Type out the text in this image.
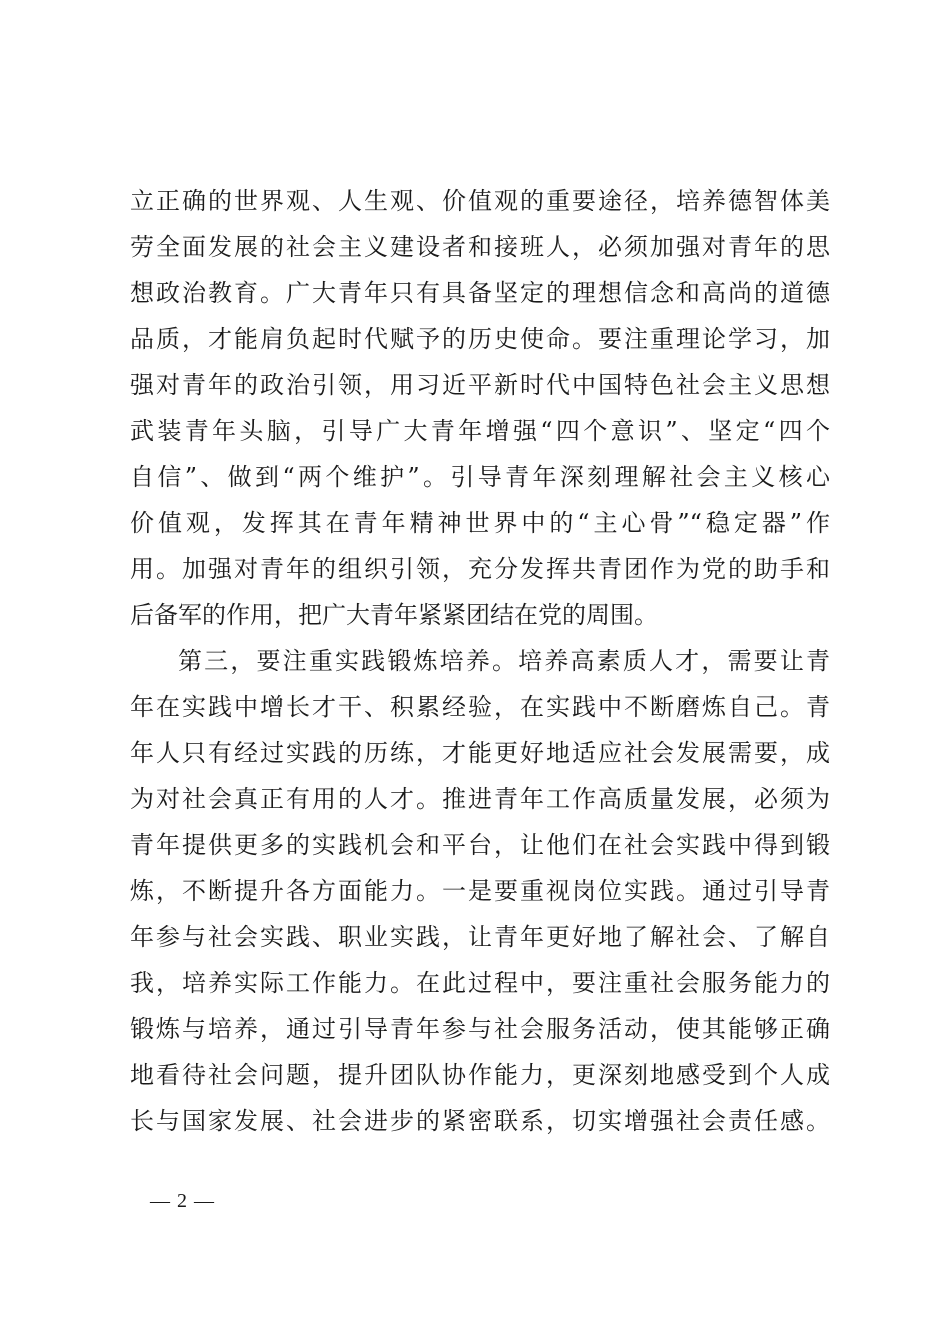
立正确的世界观、人生观、价值观的重要途径，培养德智体美
劳全面发展的社会主义建设者和接班人，必须加强对青年的思
想政治教育。广大青年只有具备坚定的理想信念和高尚的道德
品质，才能肩负起时代赋予的历史使命。要注重理论学习，加
强对青年的政治引领，用习近平新时代中国特色社会主义思想
武装青年头脑，引导广大青年增强“四个意识”、坚定“四个
自信”、做到“两个维护”。引导青年深刻理解社会主义核心
价值观，发挥其在青年精神世界中的“主心骨”“稳定器”作
用。加强对青年的组织引领，充分发挥共青团作为党的助手和
后备军的作用，把广大青年紧紧团结在党的周围。
第三，要注重实践锻炼培养。培养高素质人才，需要让青
年在实践中增长才干、积累经验，在实践中不断磨炼自己。青
年人只有经过实践的历练，才能更好地适应社会发展需要，成
为对社会真正有用的人才。推进青年工作高质量发展，必须为
青年提供更多的实践机会和平台，让他们在社会实践中得到锻
炼，不断提升各方面能力。一是要重视岗位实践。通过引导青
年参与社会实践、职业实践，让青年更好地了解社会、了解自
我，培养实际工作能力。在此过程中，要注重社会服务能力的
锻炼与培养，通过引导青年参与社会服务活动，使其能够正确
地看待社会问题，提升团队协作能力，更深刻地感受到个人成
长与国家发展、社会进步的紧密联系，切实增强社会责任感。
— 2 —
